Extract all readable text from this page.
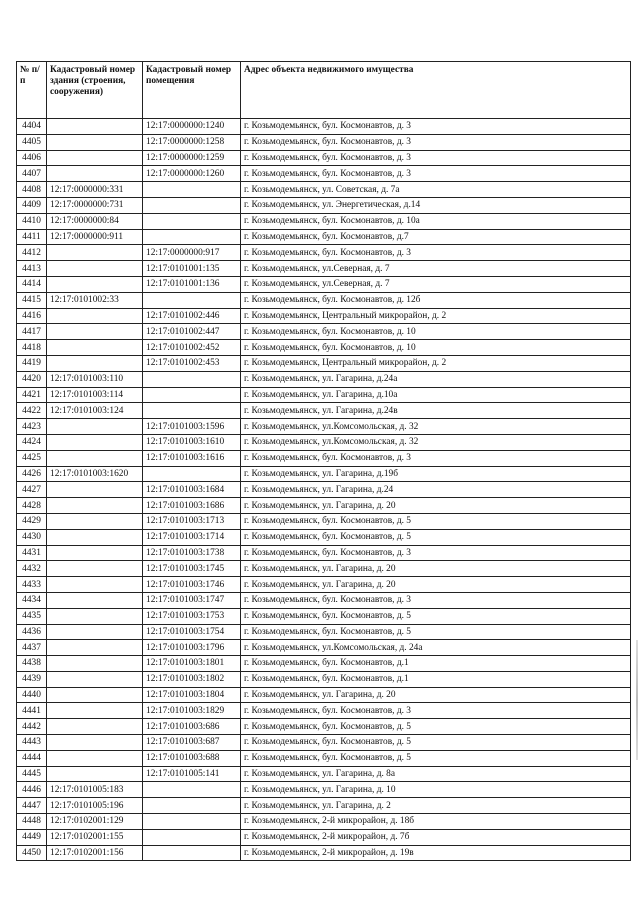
№ п/п	Кадастровый номер здания (строения, сооружения)	Кадастровый номер помещения	Адрес объекта недвижимого имущества
4404		12:17:0000000:1240	г. Козьмодемьянск, бул. Космонавтов, д. 3
4405		12:17:0000000:1258	г. Козьмодемьянск, бул. Космонавтов, д. 3
4406		12:17:0000000:1259	г. Козьмодемьянск, бул. Космонавтов, д. 3
4407		12:17:0000000:1260	г. Козьмодемьянск, бул. Космонавтов, д. 3
4408	12:17:0000000:331		г. Козьмодемьянск, ул. Советская, д. 7а
4409	12:17:0000000:731		г. Козьмодемьянск, ул. Энергетическая, д.14
4410	12:17:0000000:84		г. Козьмодемьянск, бул. Космонавтов, д. 10а
4411	12:17:0000000:911		г. Козьмодемьянск, бул. Космонавтов, д.7
4412		12:17:0000000:917	г. Козьмодемьянск, бул. Космонавтов, д. 3
4413		12:17:0101001:135	г. Козьмодемьянск, ул.Северная, д. 7
4414		12:17:0101001:136	г. Козьмодемьянск, ул.Северная, д. 7
4415	12:17:0101002:33		г. Козьмодемьянск, бул. Космонавтов, д. 12б
4416		12:17:0101002:446	г. Козьмодемьянск, Центральный микрорайон, д. 2
4417		12:17:0101002:447	г. Козьмодемьянск, бул. Космонавтов, д. 10
4418		12:17:0101002:452	г. Козьмодемьянск, бул. Космонавтов, д. 10
4419		12:17:0101002:453	г. Козьмодемьянск, Центральный микрорайон, д. 2
4420	12:17:0101003:110		г. Козьмодемьянск, ул. Гагарина, д.24а
4421	12:17:0101003:114		г. Козьмодемьянск, ул. Гагарина, д.10а
4422	12:17:0101003:124		г. Козьмодемьянск, ул. Гагарина, д.24в
4423		12:17:0101003:1596	г. Козьмодемьянск, ул.Комсомольская, д. 32
4424		12:17:0101003:1610	г. Козьмодемьянск, ул.Комсомольская, д. 32
4425		12:17:0101003:1616	г. Козьмодемьянск, бул. Космонавтов, д. 3
4426	12:17:0101003:1620		г. Козьмодемьянск, ул. Гагарина, д.19б
4427		12:17:0101003:1684	г. Козьмодемьянск, ул. Гагарина, д.24
4428		12:17:0101003:1686	г. Козьмодемьянск, ул. Гагарина, д. 20
4429		12:17:0101003:1713	г. Козьмодемьянск, бул. Космонавтов, д. 5
4430		12:17:0101003:1714	г. Козьмодемьянск, бул. Космонавтов, д. 5
4431		12:17:0101003:1738	г. Козьмодемьянск, бул. Космонавтов, д. 3
4432		12:17:0101003:1745	г. Козьмодемьянск, ул. Гагарина, д. 20
4433		12:17:0101003:1746	г. Козьмодемьянск, ул. Гагарина, д. 20
4434		12:17:0101003:1747	г. Козьмодемьянск, бул. Космонавтов, д. 3
4435		12:17:0101003:1753	г. Козьмодемьянск, бул. Космонавтов, д. 5
4436		12:17:0101003:1754	г. Козьмодемьянск, бул. Космонавтов, д. 5
4437		12:17:0101003:1796	г. Козьмодемьянск, ул.Комсомольская, д. 24а
4438		12:17:0101003:1801	г. Козьмодемьянск, бул. Космонавтов, д.1
4439		12:17:0101003:1802	г. Козьмодемьянск, бул. Космонавтов, д.1
4440		12:17:0101003:1804	г. Козьмодемьянск, ул. Гагарина, д. 20
4441		12:17:0101003:1829	г. Козьмодемьянск, бул. Космонавтов, д. 3
4442		12:17:0101003:686	г. Козьмодемьянск, бул. Космонавтов, д. 5
4443		12:17:0101003:687	г. Козьмодемьянск, бул. Космонавтов, д. 5
4444		12:17:0101003:688	г. Козьмодемьянск, бул. Космонавтов, д. 5
4445		12:17:0101005:141	г. Козьмодемьянск, ул. Гагарина, д. 8а
4446	12:17:0101005:183		г. Козьмодемьянск, ул. Гагарина, д. 10
4447	12:17:0101005:196		г. Козьмодемьянск, ул. Гагарина, д. 2
4448	12:17:0102001:129		г. Козьмодемьянск, 2-й микрорайон, д. 18б
4449	12:17:0102001:155		г. Козьмодемьянск, 2-й микрорайон, д. 7б
4450	12:17:0102001:156		г. Козьмодемьянск, 2-й микрорайон, д. 19в
